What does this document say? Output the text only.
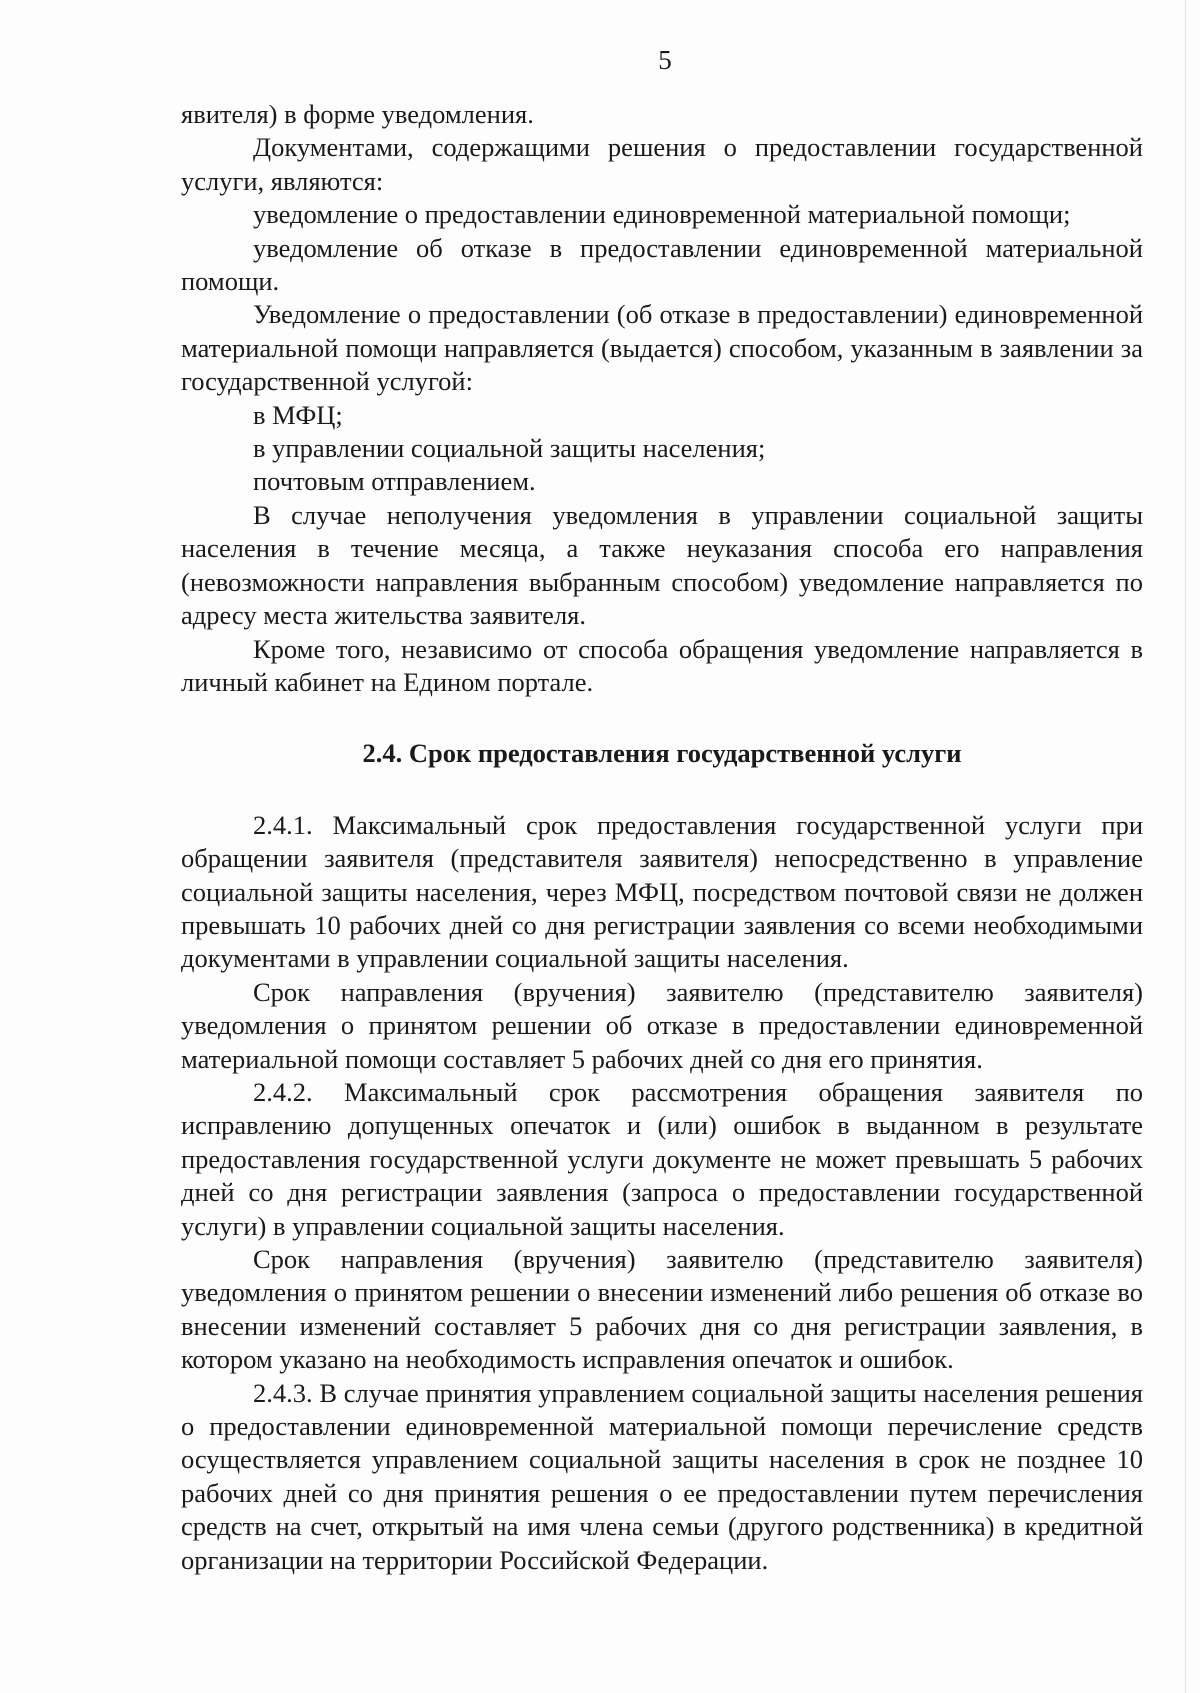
5

явителя) в форме уведомления.

Документами, содержащими решения о предоставлении государственной услуги, являются:

уведомление о предоставлении единовременной материальной помощи;

уведомление об отказе в предоставлении единовременной материальной помощи.

Уведомление о предоставлении (об отказе в предоставлении) единовременной материальной помощи направляется (выдается) способом, указанным в заявлении за государственной услугой:

в МФЦ;

в управлении социальной защиты населения;

почтовым отправлением.

В случае неполучения уведомления в управлении социальной защиты населения в течение месяца, а также неуказания способа его направления (невозможности направления выбранным способом) уведомление направляется по адресу места жительства заявителя.

Кроме того, независимо от способа обращения уведомление направляется в личный кабинет на Едином портале.

2.4. Срок предоставления государственной услуги

2.4.1. Максимальный срок предоставления государственной услуги при обращении заявителя (представителя заявителя) непосредственно в управление социальной защиты населения, через МФЦ, посредством почтовой связи не должен превышать 10 рабочих дней со дня регистрации заявления со всеми необходимыми документами в управлении социальной защиты населения.

Срок направления (вручения) заявителю (представителю заявителя) уведомления о принятом решении об отказе в предоставлении единовременной материальной помощи составляет 5 рабочих дней со дня его принятия.

2.4.2. Максимальный срок рассмотрения обращения заявителя по исправлению допущенных опечаток и (или) ошибок в выданном в результате предоставления государственной услуги документе не может превышать 5 рабочих дней со дня регистрации заявления (запроса о предоставлении государственной услуги) в управлении социальной защиты населения.

Срок направления (вручения) заявителю (представителю заявителя) уведомления о принятом решении о внесении изменений либо решения об отказе во внесении изменений составляет 5 рабочих дня со дня регистрации заявления, в котором указано на необходимость исправления опечаток и ошибок.

2.4.3. В случае принятия управлением социальной защиты населения решения о предоставлении единовременной материальной помощи перечисление средств осуществляется управлением социальной защиты населения в срок не позднее 10 рабочих дней со дня принятия решения о ее предоставлении путем перечисления средств на счет, открытый на имя члена семьи (другого родственника) в кредитной организации на территории Российской Федерации.
